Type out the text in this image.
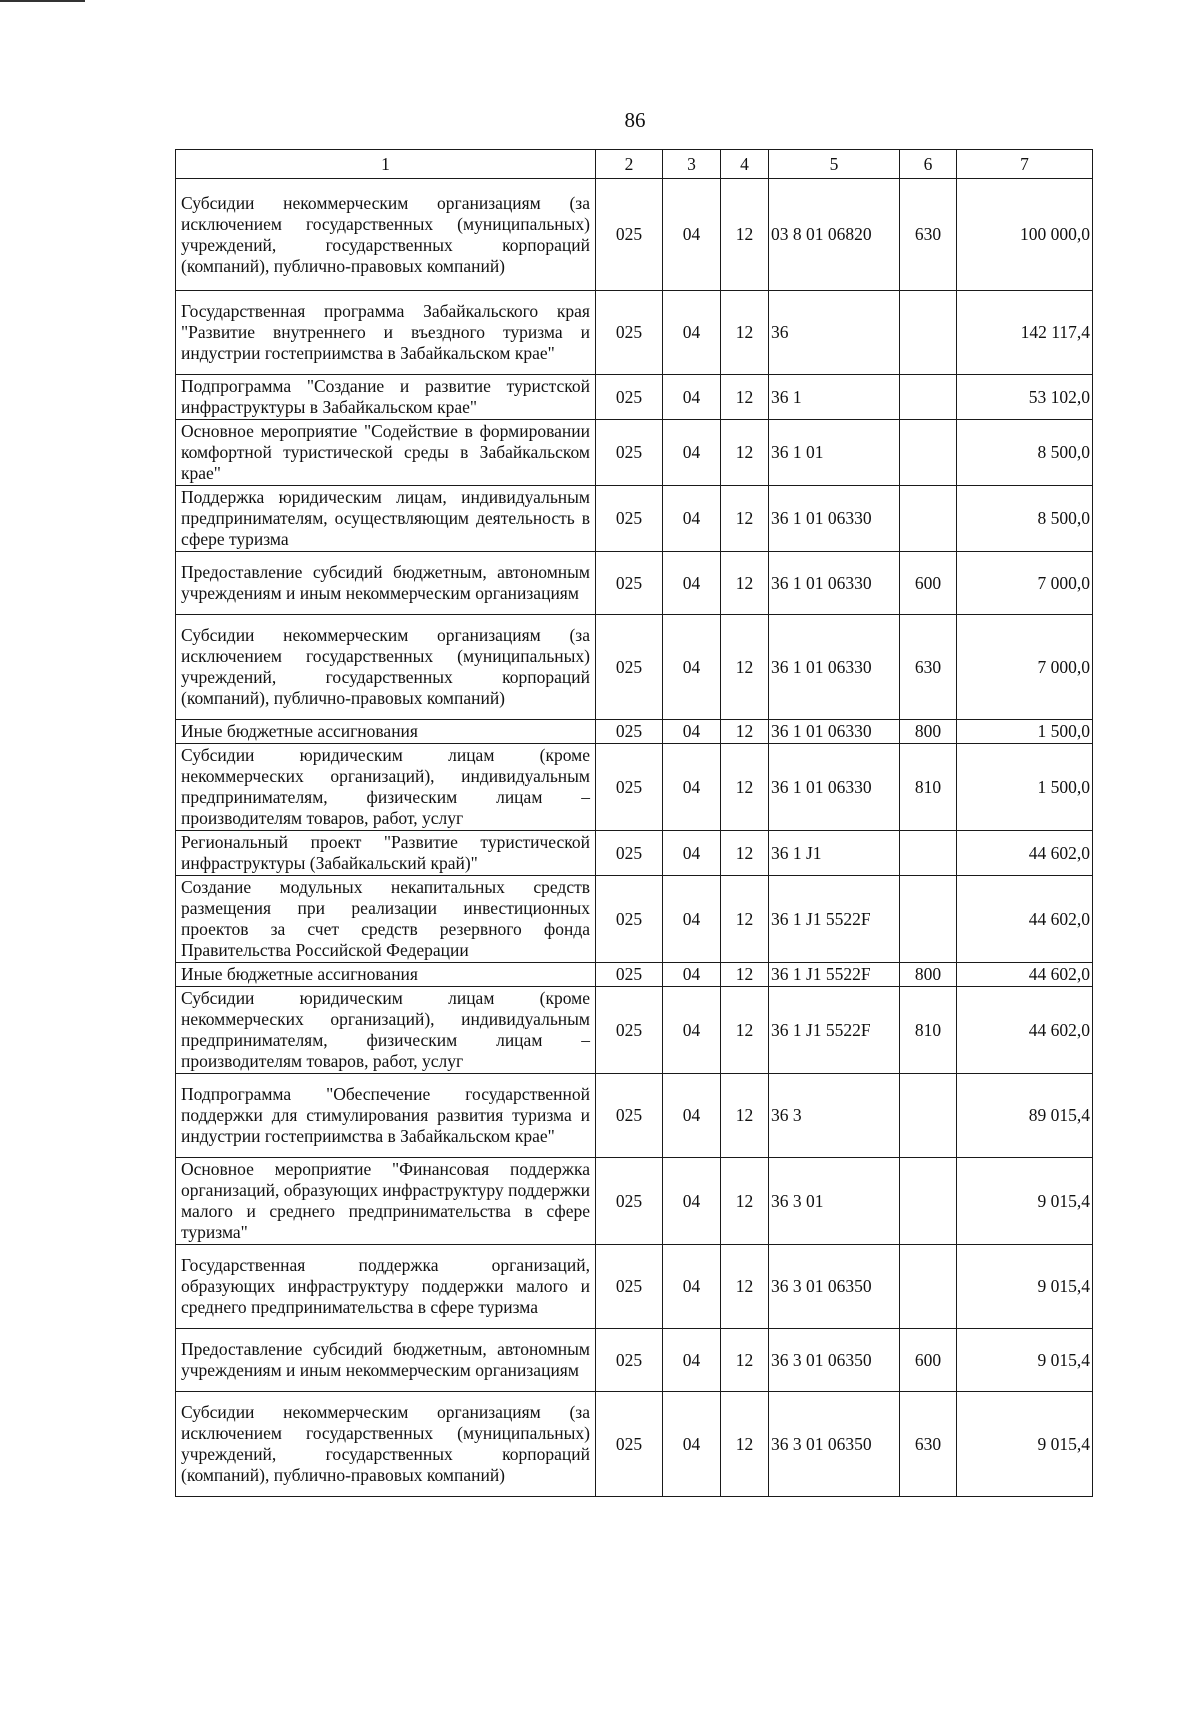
86
1	2	3	4	5	6	7
Субсидии некоммерческим организациям (за исключением государственных (муниципальных) учреждений, государственных корпораций (компаний), публично-правовых компаний)	025	04	12	03 8 01 06820	630	100 000,0
Государственная программа Забайкальского края "Развитие внутреннего и въездного туризма и индустрии гостеприимства в Забайкальском крае"	025	04	12	36		142 117,4
Подпрограмма "Создание и развитие туристской инфраструктуры в Забайкальском крае"	025	04	12	36 1		53 102,0
Основное мероприятие "Содействие в формировании комфортной туристической среды в Забайкальском крае"	025	04	12	36 1 01		8 500,0
Поддержка юридическим лицам, индивидуальным предпринимателям, осуществляющим деятельность в сфере туризма	025	04	12	36 1 01 06330		8 500,0
Предоставление субсидий бюджетным, автономным учреждениям и иным некоммерческим организациям	025	04	12	36 1 01 06330	600	7 000,0
Субсидии некоммерческим организациям (за исключением государственных (муниципальных) учреждений, государственных корпораций (компаний), публично-правовых компаний)	025	04	12	36 1 01 06330	630	7 000,0
Иные бюджетные ассигнования	025	04	12	36 1 01 06330	800	1 500,0
Субсидии юридическим лицам (кроме некоммерческих организаций), индивидуальным предпринимателям, физическим лицам – производителям товаров, работ, услуг	025	04	12	36 1 01 06330	810	1 500,0
Региональный проект "Развитие туристической инфраструктуры (Забайкальский край)"	025	04	12	36 1 J1		44 602,0
Создание модульных некапитальных средств размещения при реализации инвестиционных проектов за счет средств резервного фонда Правительства Российской Федерации	025	04	12	36 1 J1 5522F		44 602,0
Иные бюджетные ассигнования	025	04	12	36 1 J1 5522F	800	44 602,0
Субсидии юридическим лицам (кроме некоммерческих организаций), индивидуальным предпринимателям, физическим лицам – производителям товаров, работ, услуг	025	04	12	36 1 J1 5522F	810	44 602,0
Подпрограмма "Обеспечение государственной поддержки для стимулирования развития туризма и индустрии гостеприимства в Забайкальском крае"	025	04	12	36 3		89 015,4
Основное мероприятие "Финансовая поддержка организаций, образующих инфраструктуру поддержки малого и среднего предпринимательства в сфере туризма"	025	04	12	36 3 01		9 015,4
Государственная поддержка организаций, образующих инфраструктуру поддержки малого и среднего предпринимательства в сфере туризма	025	04	12	36 3 01 06350		9 015,4
Предоставление субсидий бюджетным, автономным учреждениям и иным некоммерческим организациям	025	04	12	36 3 01 06350	600	9 015,4
Субсидии некоммерческим организациям (за исключением государственных (муниципальных) учреждений, государственных корпораций (компаний), публично-правовых компаний)	025	04	12	36 3 01 06350	630	9 015,4
